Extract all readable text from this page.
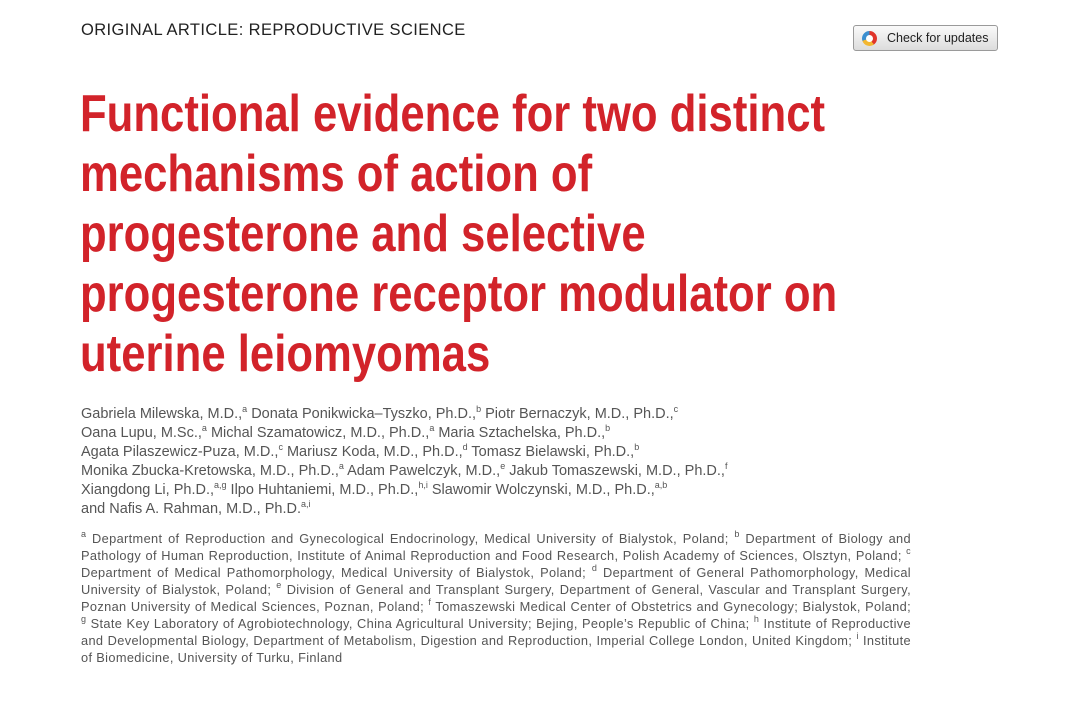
ORIGINAL ARTICLE: REPRODUCTIVE SCIENCE	Check for updates
Functional evidence for two distinct
mechanisms of action of
progesterone and selective
progesterone receptor modulator on
uterine leiomyomas
Gabriela Milewska, M.D.,$^a$ Donata Ponikwicka–Tyszko, Ph.D.,$^b$ Piotr Bernaczyk, M.D., Ph.D.,$^c$
Oana Lupu, M.Sc.,$^a$ Michal Szamatowicz, M.D., Ph.D.,$^a$ Maria Sztachelska, Ph.D.,$^b$
Agata Pilaszewicz-Puza, M.D.,$^c$ Mariusz Koda, M.D., Ph.D.,$^d$ Tomasz Bielawski, Ph.D.,$^b$
Monika Zbucka-Kretowska, M.D., Ph.D.,$^a$ Adam Pawelczyk, M.D.,$^e$ Jakub Tomaszewski, M.D., Ph.D.,$^f$
Xiangdong Li, Ph.D.,$^{a,g}$ Ilpo Huhtaniemi, M.D., Ph.D.,$^{h,i}$ Slawomir Wolczynski, M.D., Ph.D.,$^{a,b}$
and Nafis A. Rahman, M.D., Ph.D.$^{a,i}$
$^a$ Department of Reproduction and Gynecological Endocrinology, Medical University of Bialystok, Poland; $^b$ Department of Biology and Pathology of Human Reproduction, Institute of Animal Reproduction and Food Research, Polish Academy of Sciences, Olsztyn, Poland; $^c$ Department of Medical Pathomorphology, Medical University of Bialystok, Poland; $^d$ Department of General Pathomorphology, Medical University of Bialystok, Poland; $^e$ Division of General and Transplant Surgery, Department of General, Vascular and Transplant Surgery, Poznan University of Medical Sciences, Poznan, Poland; $^f$ Tomaszewski Medical Center of Obstetrics and Gynecology; Bialystok, Poland; $^g$ State Key Laboratory of Agrobiotechnology, China Agricultural University; Bejing, People’s Republic of China; $^h$ Institute of Reproductive and Developmental Biology, Department of Metabolism, Digestion and Reproduction, Imperial College London, United Kingdom; $^i$ Institute of Biomedicine, University of Turku, Finland
